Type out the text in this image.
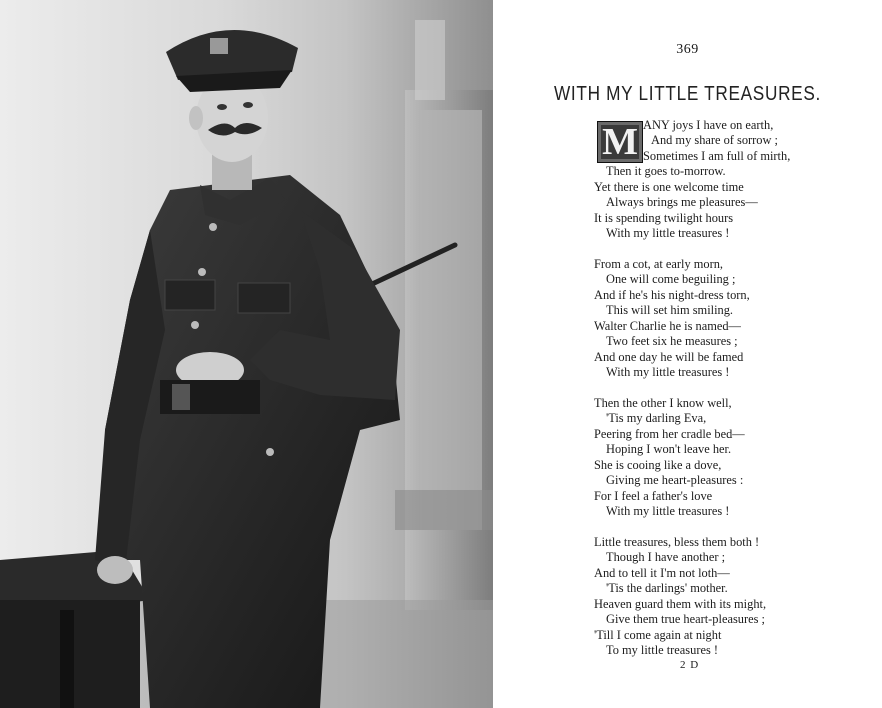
369
WITH MY LITTLE TREASURES.
M ANY joys I have on earth,
And my share of sorrow ;
Sometimes I am full of mirth,
Then it goes to-morrow.
Yet there is one welcome time
Always brings me pleasures—
It is spending twilight hours
With my little treasures !
From a cot, at early morn,
One will come beguiling ;
And if he's his night-dress torn,
This will set him smiling.
Walter Charlie he is named—
Two feet six he measures ;
And one day he will be famed
With my little treasures !
Then the other I know well,
'Tis my darling Eva,
Peering from her cradle bed—
Hoping I won't leave her.
She is cooing like a dove,
Giving me heart-pleasures :
For I feel a father's love
With my little treasures !
Little treasures, bless them both !
Though I have another ;
And to tell it I'm not loth—
'Tis the darlings' mother.
Heaven guard them with its might,
Give them true heart-pleasures ;
'Till I come again at night
To my little treasures !
2 D
